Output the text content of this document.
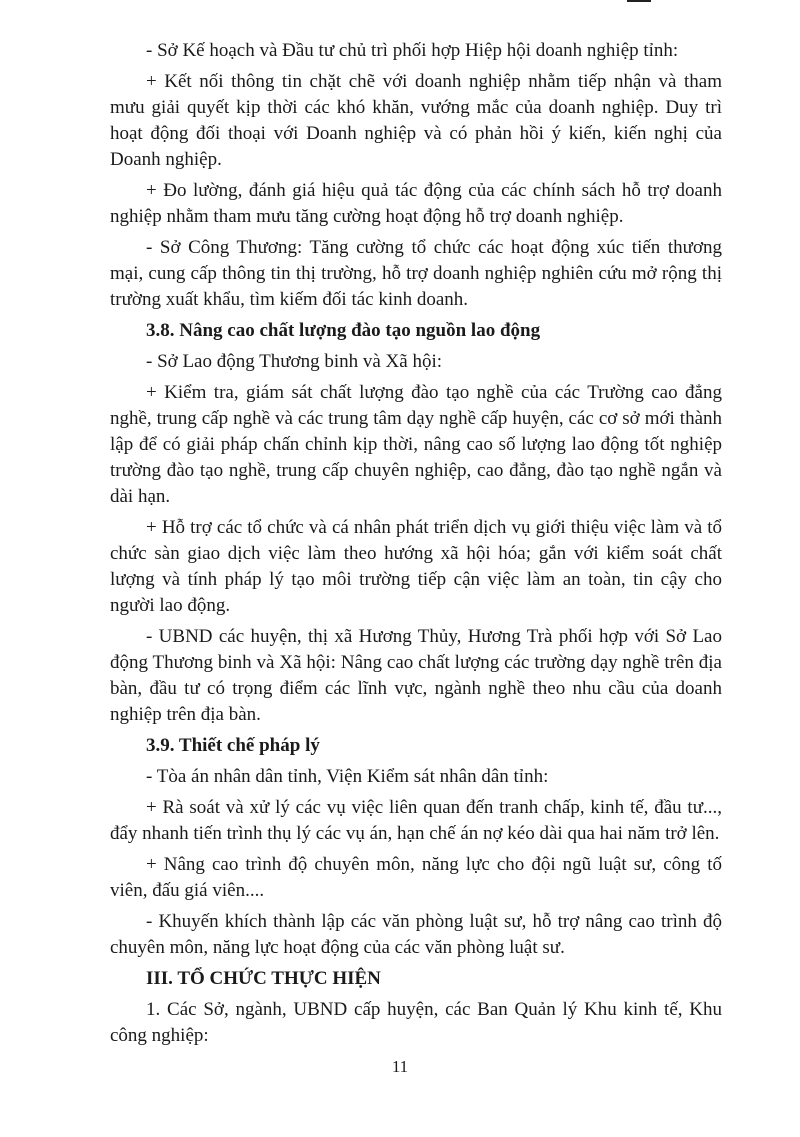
- Sở Kế hoạch và Đầu tư chủ trì phối hợp Hiệp hội doanh nghiệp tỉnh:

+ Kết nối thông tin chặt chẽ với doanh nghiệp nhằm tiếp nhận và tham mưu giải quyết kịp thời các khó khăn, vướng mắc của doanh nghiệp. Duy trì hoạt động đối thoại với Doanh nghiệp và có phản hồi ý kiến, kiến nghị của Doanh nghiệp.

+ Đo lường, đánh giá hiệu quả tác động của các chính sách hỗ trợ doanh nghiệp nhằm tham mưu tăng cường hoạt động hỗ trợ doanh nghiệp.

- Sở Công Thương: Tăng cường tổ chức các hoạt động xúc tiến thương mại, cung cấp thông tin thị trường, hỗ trợ doanh nghiệp nghiên cứu mở rộng thị trường xuất khẩu, tìm kiếm đối tác kinh doanh.

3.8. Nâng cao chất lượng đào tạo nguồn lao động

- Sở Lao động Thương binh và Xã hội:

+ Kiểm tra, giám sát chất lượng đào tạo nghề của các Trường cao đẳng nghề, trung cấp nghề và các trung tâm dạy nghề cấp huyện, các cơ sở mới thành lập để có giải pháp chấn chỉnh kịp thời, nâng cao số lượng lao động tốt nghiệp trường đào tạo nghề, trung cấp chuyên nghiệp, cao đẳng, đào tạo nghề ngắn và dài hạn.

+ Hỗ trợ các tổ chức và cá nhân phát triển dịch vụ giới thiệu việc làm và tổ chức sàn giao dịch việc làm theo hướng xã hội hóa; gắn với kiểm soát chất lượng và tính pháp lý tạo môi trường tiếp cận việc làm an toàn, tin cậy cho người lao động.

- UBND các huyện, thị xã Hương Thủy, Hương Trà phối hợp với Sở Lao động Thương binh và Xã hội: Nâng cao chất lượng các trường dạy nghề trên địa bàn, đầu tư có trọng điểm các lĩnh vực, ngành nghề theo nhu cầu của doanh nghiệp trên địa bàn.

3.9. Thiết chế pháp lý

- Tòa án nhân dân tỉnh, Viện Kiểm sát nhân dân tỉnh:

+ Rà soát và xử lý các vụ việc liên quan đến tranh chấp, kinh tế, đầu tư..., đẩy nhanh tiến trình thụ lý các vụ án, hạn chế án nợ kéo dài qua hai năm trở lên.

+ Nâng cao trình độ chuyên môn, năng lực cho đội ngũ luật sư, công tố viên, đấu giá viên....

- Khuyến khích thành lập các văn phòng luật sư, hỗ trợ nâng cao trình độ chuyên môn, năng lực hoạt động của các văn phòng luật sư.

III. TỔ CHỨC THỰC HIỆN

1. Các Sở, ngành, UBND cấp huyện, các Ban Quản lý Khu kinh tế, Khu công nghiệp:

11
